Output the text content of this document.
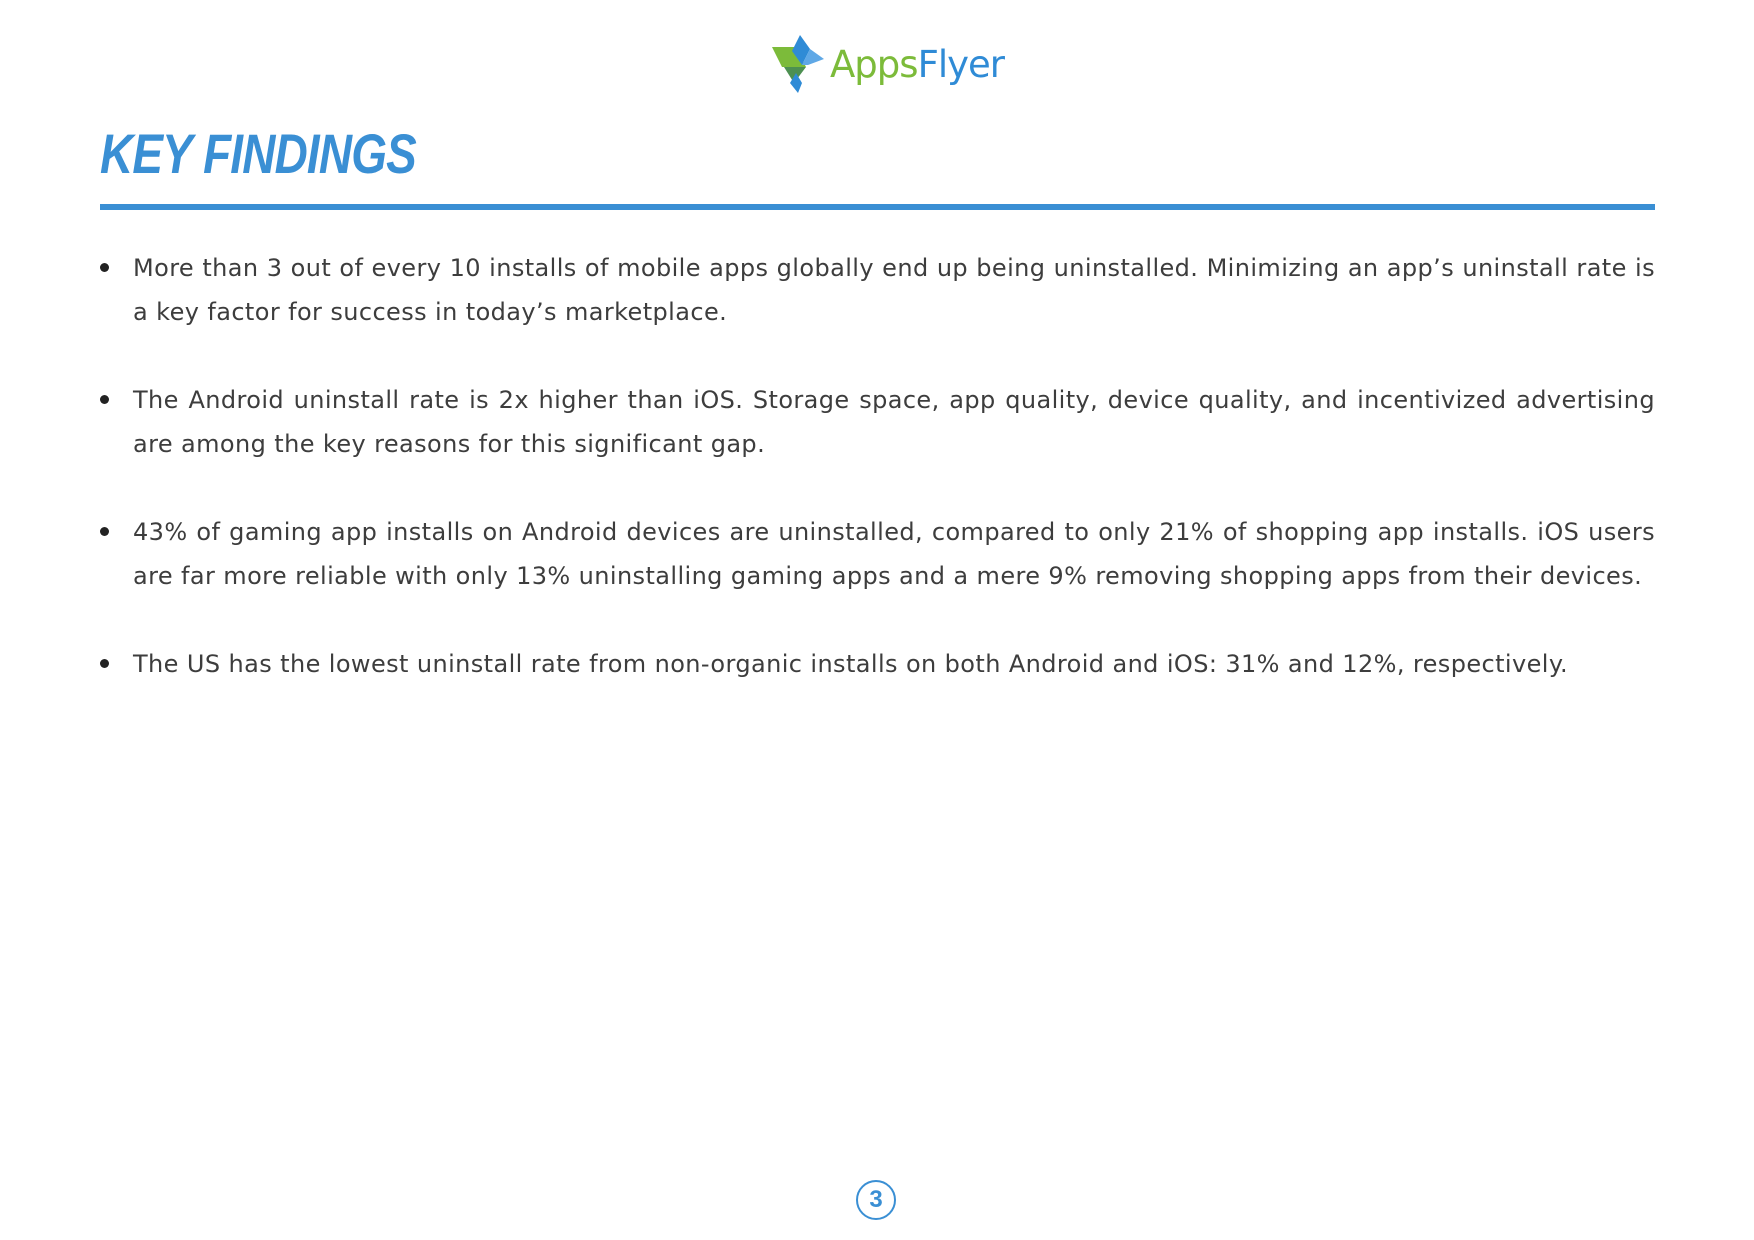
AppsFlyer
KEY FINDINGS
More than 3 out of every 10 installs of mobile apps globally end up being uninstalled. Minimizing an app’s uninstall rate is a key factor for success in today’s marketplace.
The Android uninstall rate is 2x higher than iOS. Storage space, app quality, device quality, and incentivized advertising are among the key reasons for this significant gap.
43% of gaming app installs on Android devices are uninstalled, compared to only 21% of shopping app installs. iOS users are far more reliable with only 13% uninstalling gaming apps and a mere 9% removing shopping apps from their devices.
The US has the lowest uninstall rate from non-organic installs on both Android and iOS: 31% and 12%, respectively.
3
